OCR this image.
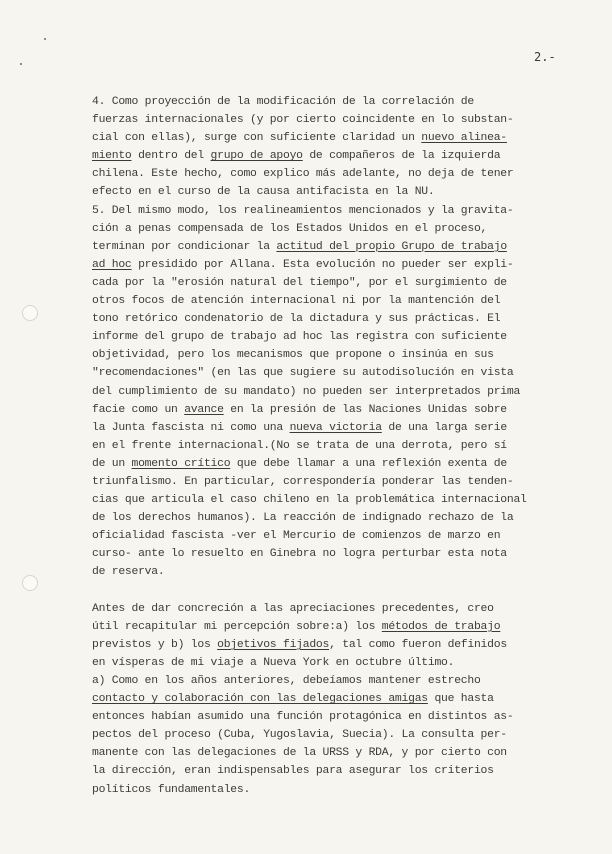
2.-
4. Como proyección de la modificación de la correlación de
fuerzas internacionales (y por cierto coincidente en lo substan-
cial con ellas), surge con suficiente claridad un nuevo alinea-
miento dentro del grupo de apoyo de compañeros de la izquierda
chilena. Este hecho, como explico más adelante, no deja de tener
efecto en el curso de la causa antifacista en la NU.
5. Del mismo modo, los realineamientos mencionados y la gravita-
ción a penas compensada de los Estados Unidos en el proceso,
terminan por condicionar la actitud del propio Grupo de trabajo
ad hoc presidido por Allana. Esta evolución no pueder ser expli-
cada por la "erosión natural del tiempo", por el surgimiento de
otros focos de atención internacional ni por la mantención del
tono retórico condenatorio de la dictadura y sus prácticas. El
informe del grupo de trabajo ad hoc las registra con suficiente
objetividad, pero los mecanismos que propone o insinúa en sus
"recomendaciones" (en las que sugiere su autodisolución en vista
del cumplimiento de su mandato) no pueden ser interpretados prima
facie como un avance en la presión de las Naciones Unidas sobre
la Junta fascista ni como una nueva victoria de una larga serie
en el frente internacional.(No se trata de una derrota, pero sí
de un momento crítico que debe llamar a una reflexión exenta de
triunfalismo. En particular, correspondería ponderar las tenden-
cias que articula el caso chileno en la problemática internacional
de los derechos humanos). La reacción de indignado rechazo de la
oficialidad fascista -ver el Mercurio de comienzos de marzo en
curso- ante lo resuelto en Ginebra no logra perturbar esta nota
de reserva.
Antes de dar concreción a las apreciaciones precedentes, creo
útil recapitular mi percepción sobre:a) los métodos de trabajo
previstos y b) los objetivos fijados, tal como fueron definidos
en vísperas de mi viaje a Nueva York en octubre último.
a) Como en los años anteriores, debeíamos mantener estrecho
contacto y colaboración con las delegaciones amigas que hasta
entonces habían asumido una función protagónica en distintos as-
pectos del proceso (Cuba, Yugoslavia, Suecia). La consulta per-
manente con las delegaciones de la URSS y RDA, y por cierto con
la dirección, eran indispensables para asegurar los criterios
políticos fundamentales.
